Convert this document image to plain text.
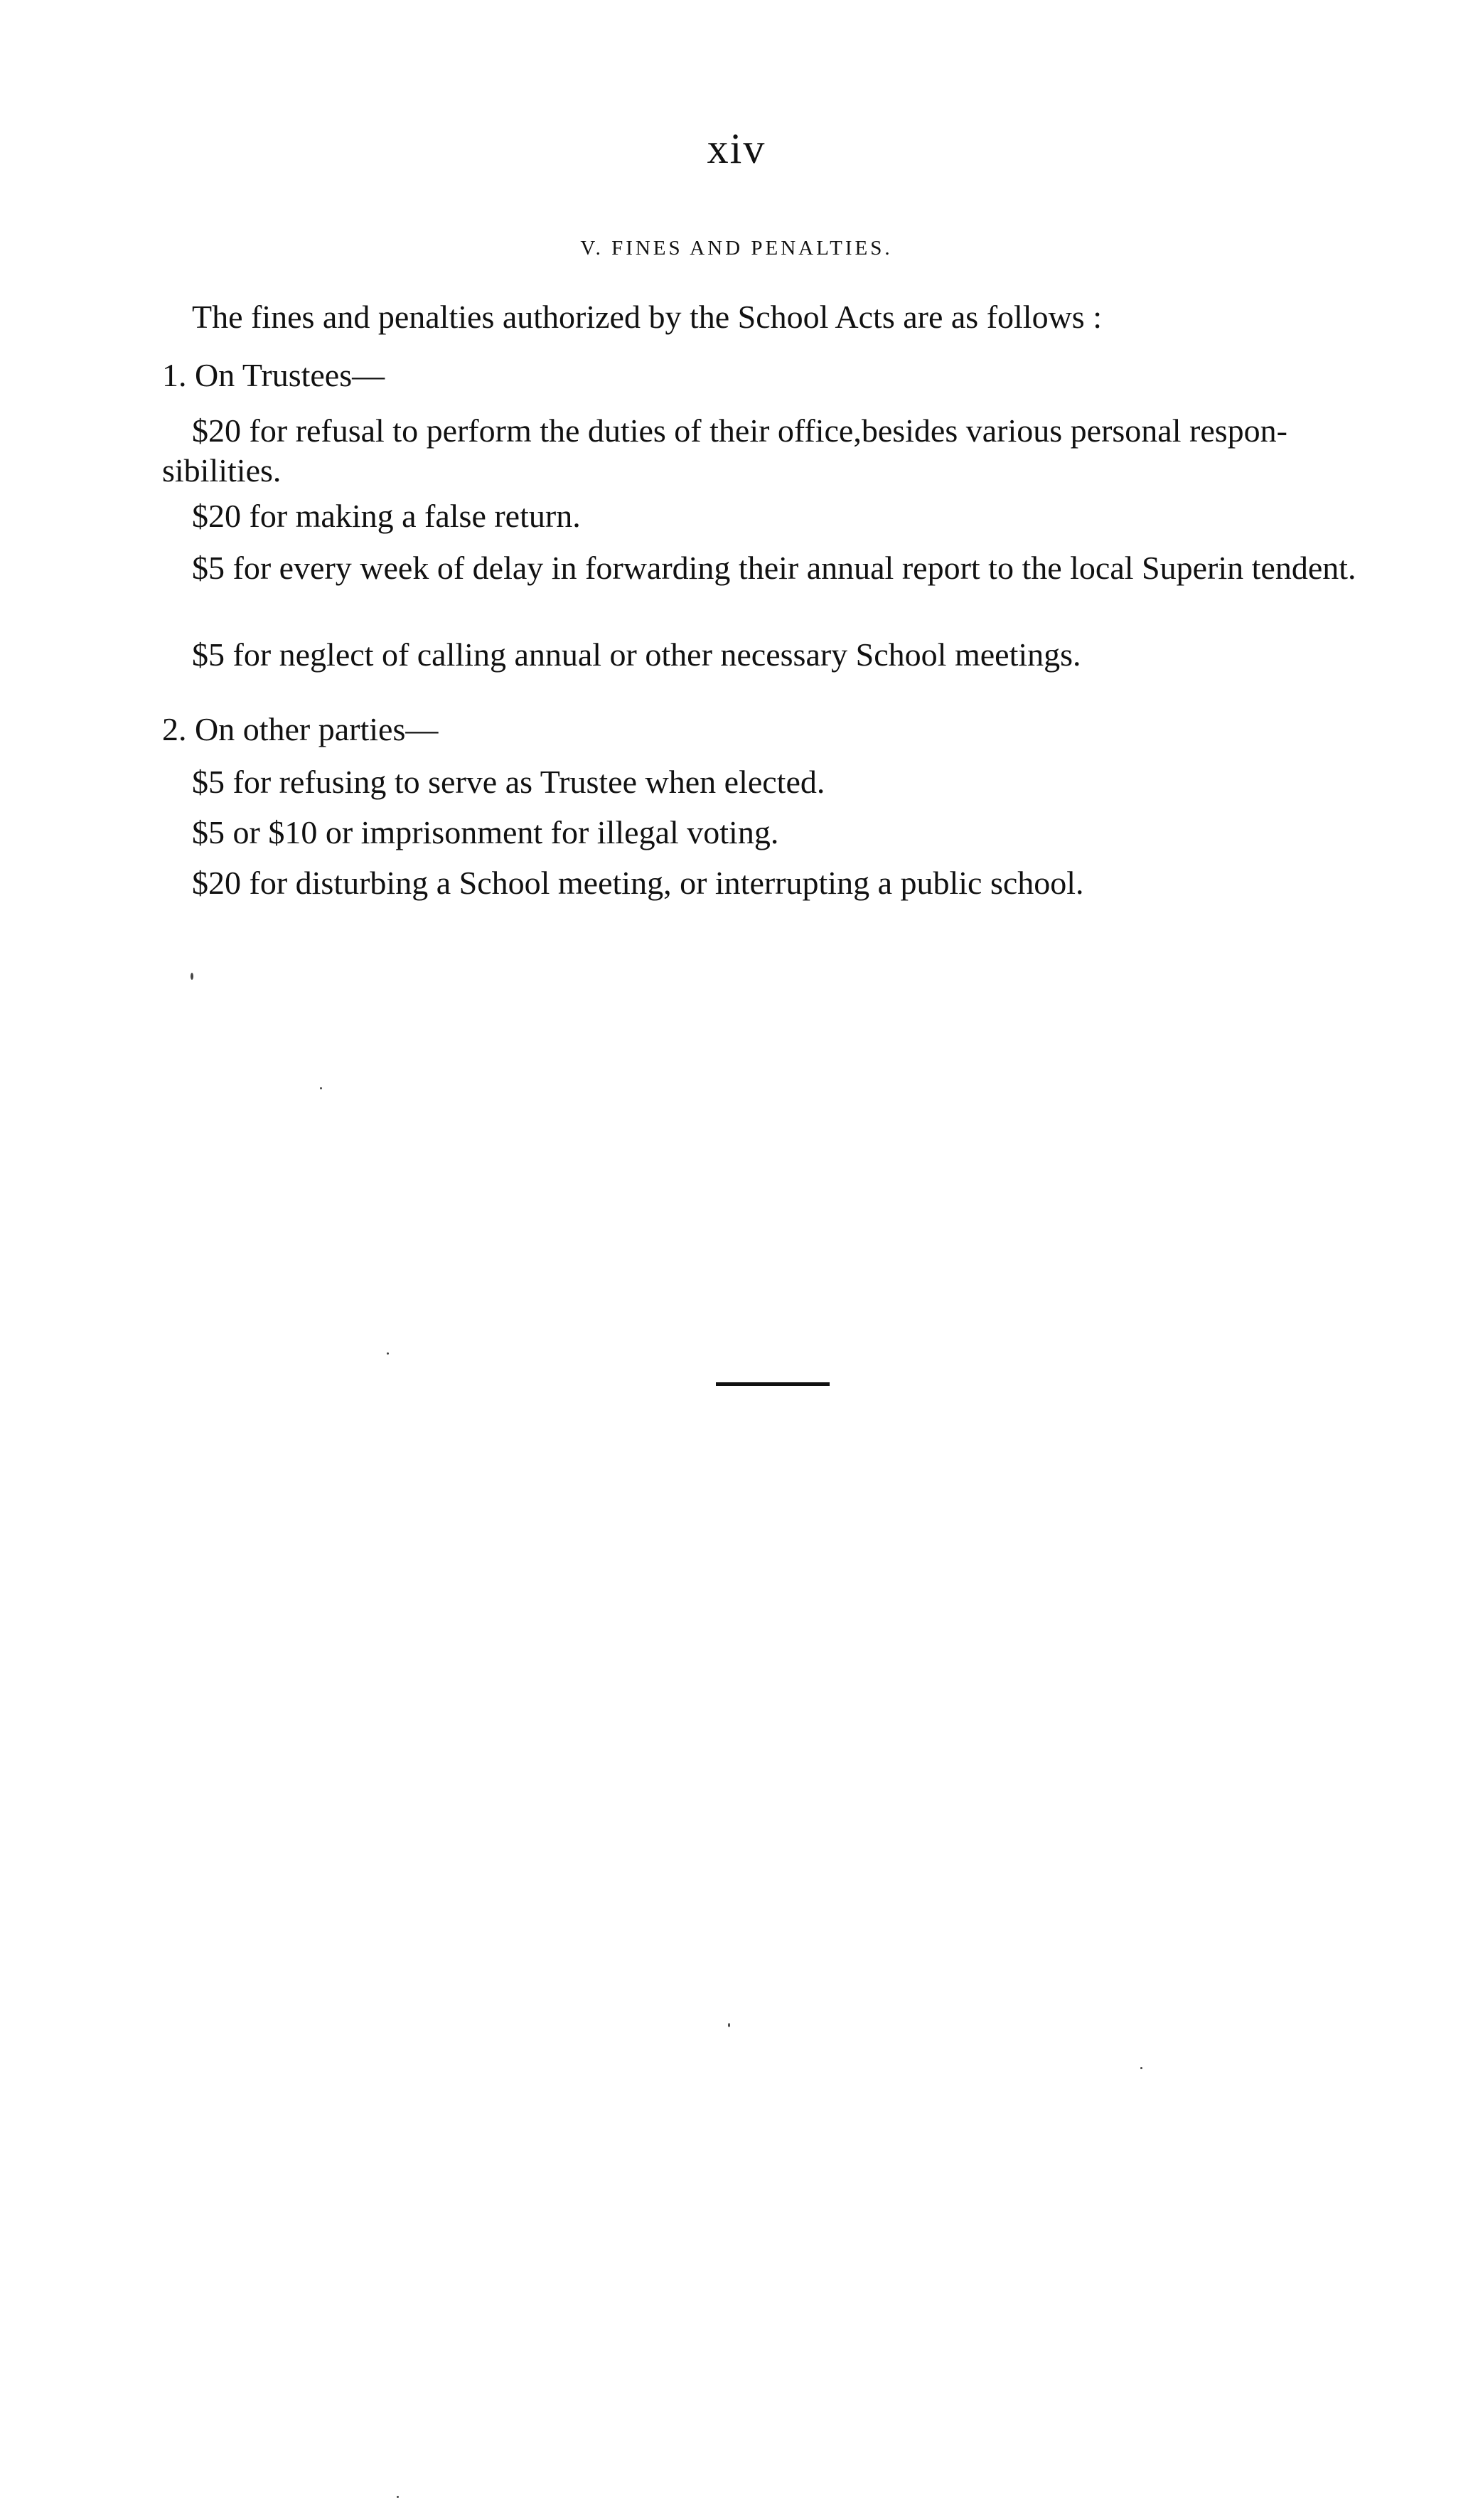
xiv
V. FINES AND PENALTIES.

The fines and penalties authorized by the School Acts are as follows :

1. On Trustees—

$20 for refusal to perform the duties of their office,besides various personal respon-sibilities.

$20 for making a false return.

$5 for every week of delay in forwarding their annual report to the local Superin tendent.

$5 for neglect of calling annual or other necessary School meetings.

2. On other parties—

$5 for refusing to serve as Trustee when elected.

$5 or $10 or imprisonment for illegal voting.

$20 for disturbing a School meeting, or interrupting a public school.
